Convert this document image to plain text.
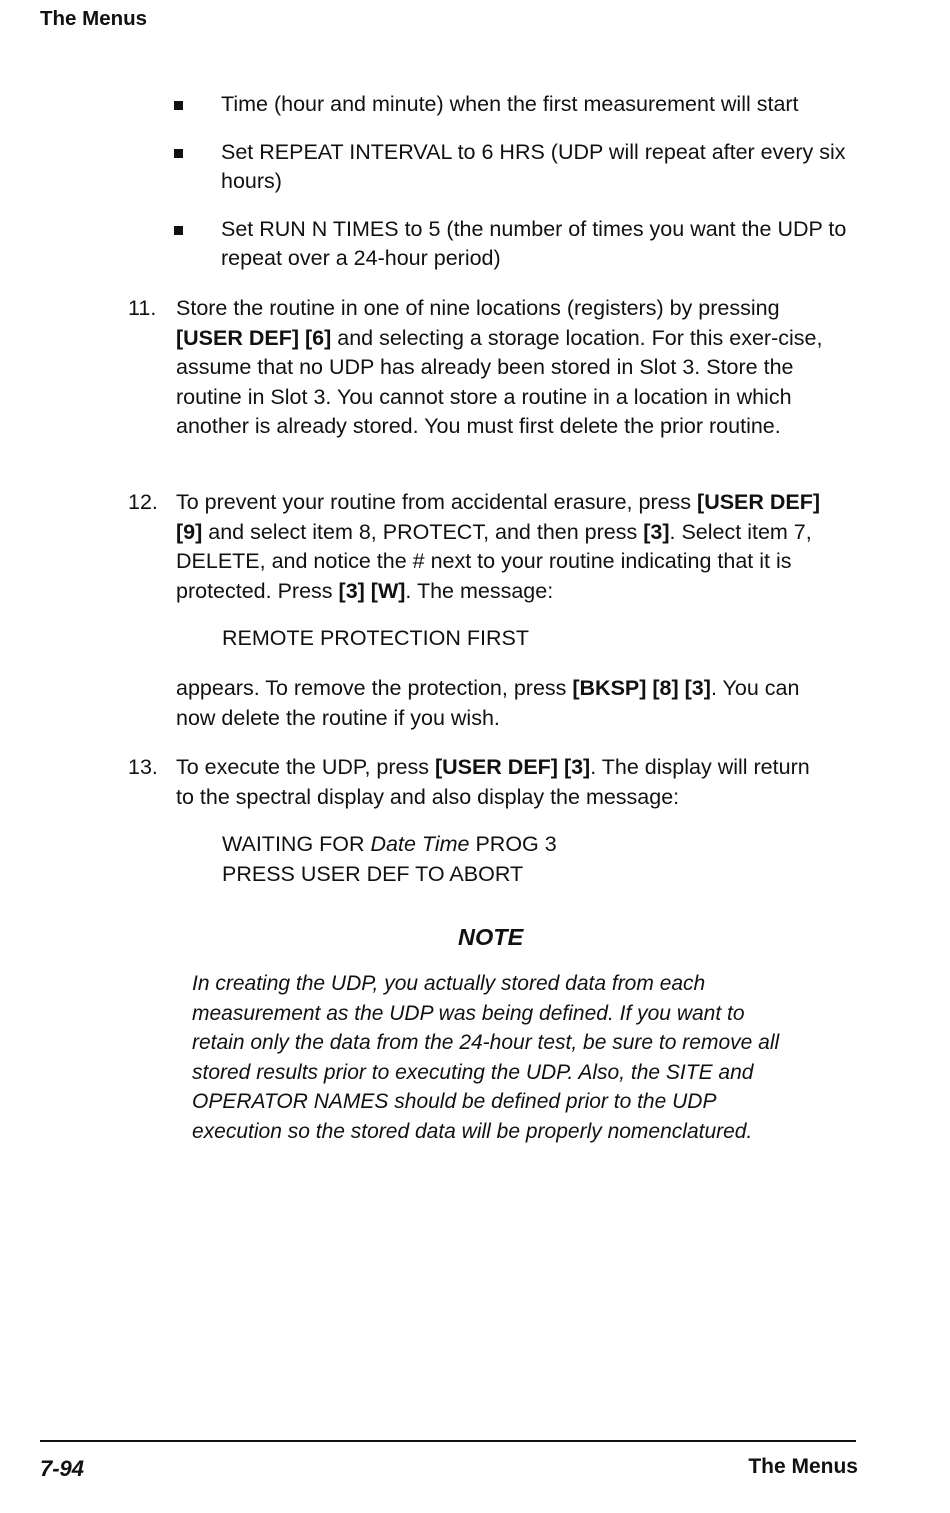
The Menus
Time (hour and minute) when the first measurement will start
Set REPEAT INTERVAL to 6 HRS (UDP will repeat after every six hours)
Set RUN N TIMES to 5 (the number of times you want the UDP to repeat over a 24-hour period)
11. Store the routine in one of nine locations (registers) by pressing [USER DEF] [6] and selecting a storage location. For this exer-cise, assume that no UDP has already been stored in Slot 3. Store the routine in Slot 3. You cannot store a routine in a location in which another is already stored. You must first delete the prior routine.
12. To prevent your routine from accidental erasure, press [USER DEF] [9] and select item 8, PROTECT, and then press [3]. Select item 7, DELETE, and notice the # next to your routine indicating that it is protected. Press [3] [W]. The message:
REMOTE PROTECTION FIRST
appears. To remove the protection, press [BKSP] [8] [3]. You can now delete the routine if you wish.
13. To execute the UDP, press [USER DEF] [3]. The display will return to the spectral display and also display the message:
WAITING FOR Date Time PROG 3
PRESS USER DEF TO ABORT
NOTE
In creating the UDP, you actually stored data from each measurement as the UDP was being defined. If you want to retain only the data from the 24-hour test, be sure to remove all stored results prior to executing the UDP. Also, the SITE and OPERATOR NAMES should be defined prior to the UDP execution so the stored data will be properly nomenclatured.
7-94	The Menus
